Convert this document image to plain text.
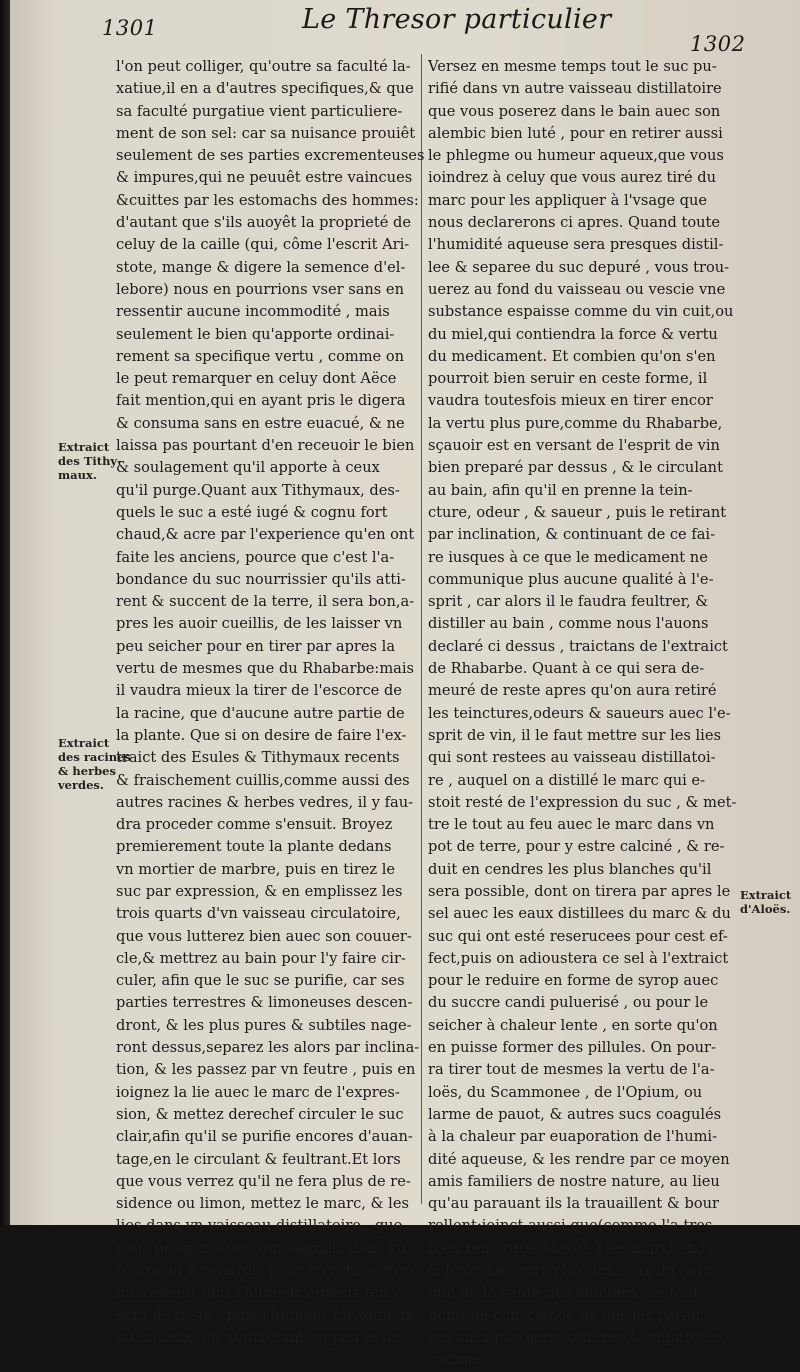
1301	Le Thresor particulier
1302
Extraict
des Tithy-
maux.
Extraict
des racines
& herbes
verdes.
Extraict
d'Aloës.
l'on peut colliger, qu'outre sa faculté la-
xatiue,il en a d'autres specifiques,& que
sa faculté purgatiue vient particuliere-
ment de son sel: car sa nuisance prouiêt
seulement de ses parties excrementeuses
& impures,qui ne peuuêt estre vaincues
&cuittes par les estomachs des hommes:
d'autant que s'ils auoyêt la proprieté de
celuy de la caille (qui, côme l'escrit Ari-
stote, mange & digere la semence d'el-
lebore) nous en pourrions vser sans en
ressentir aucune incommodité , mais
seulement le bien qu'apporte ordinai-
rement sa specifique vertu , comme on
le peut remarquer en celuy dont Aëce
fait mention,qui en ayant pris le digera
& consuma sans en estre euacué, & ne
laissa pas pourtant d'en receuoir le bien
& soulagement qu'il apporte à ceux
qu'il purge.Quant aux Tithymaux, des-
quels le suc a esté iugé & cognu fort
chaud,& acre par l'experience qu'en ont
faite les anciens, pource que c'est l'a-
bondance du suc nourrissier qu'ils atti-
rent & succent de la terre, il sera bon,a-
pres les auoir cueillis, de les laisser vn
peu seicher pour en tirer par apres la
vertu de mesmes que du Rhabarbe:mais
il vaudra mieux la tirer de l'escorce de
la racine, que d'aucune autre partie de
la plante. Que si on desire de faire l'ex-
traict des Esules & Tithymaux recents
& fraischement cuillis,comme aussi des
autres racines & herbes vedres, il y fau-
dra proceder comme s'ensuit. Broyez
premierement toute la plante dedans
vn mortier de marbre, puis en tirez le
suc par expression, & en emplissez les
trois quarts d'vn vaisseau circulatoire,
que vous lutterez bien auec son couuer-
cle,& mettrez au bain pour l'y faire cir-
culer, afin que le suc se purifie, car ses
parties terrestres & limoneuses descen-
dront, & les plus pures & subtiles nage-
ront dessus,separez les alors par inclina-
tion, & les passez par vn feutre , puis en
ioignez la lie auec le marc de l'expres-
sion, & mettez derechef circuler le suc
clair,afin qu'il se purifie encores d'auan-
tage,en le circulant & feultrant.Et lors
que vous verrez qu'il ne fera plus de re-
sidence ou limon, mettez le marc, & les
lies dans vn vaisseau distillatoire , que
vous poserez auec son alembic dans vn
fourneau à cendres, pour en retirer pre-
mierement tout l'humeur aqueux qui y
sera de reste , puis l'humeur oleagineux,
ou huileux, en augmêtant vn peu le feu.
Versez en mesme temps tout le suc pu-
rifié dans vn autre vaisseau distillatoire
que vous poserez dans le bain auec son
alembic bien luté , pour en retirer aussi
le phlegme ou humeur aqueux,que vous
ioindrez à celuy que vous aurez tiré du
marc pour les appliquer à l'vsage que
nous declarerons ci apres. Quand toute
l'humidité aqueuse sera presques distil-
lee & separee du suc depuré , vous trou-
uerez au fond du vaisseau ou vescie vne
substance espaisse comme du vin cuit,ou
du miel,qui contiendra la force & vertu
du medicament. Et combien qu'on s'en
pourroit bien seruir en ceste forme, il
vaudra toutesfois mieux en tirer encor
la vertu plus pure,comme du Rhabarbe,
sçauoir est en versant de l'esprit de vin
bien preparé par dessus , & le circulant
au bain, afin qu'il en prenne la tein-
cture, odeur , & saueur , puis le retirant
par inclination, & continuant de ce fai-
re iusques à ce que le medicament ne
communique plus aucune qualité à l'e-
sprit , car alors il le faudra feultrer, &
distiller au bain , comme nous l'auons
declaré ci dessus , traictans de l'extraict
de Rhabarbe. Quant à ce qui sera de-
meuré de reste apres qu'on aura retiré
les teinctures,odeurs & saueurs auec l'e-
sprit de vin, il le faut mettre sur les lies
qui sont restees au vaisseau distillatoi-
re , auquel on a distillé le marc qui e-
stoit resté de l'expression du suc , & met-
tre le tout au feu auec le marc dans vn
pot de terre, pour y estre calciné , & re-
duit en cendres les plus blanches qu'il
sera possible, dont on tirera par apres le
sel auec les eaux distillees du marc & du
suc qui ont esté reserucees pour cest ef-
fect,puis on adioustera ce sel à l'extraict
pour le reduire en forme de syrop auec
du succre candi puluerisé , ou pour le
seicher à chaleur lente , en sorte qu'on
en puisse former des pillules. On pour-
ra tirer tout de mesmes la vertu de l'a-
loës, du Scammonee , de l'Opium, ou
larme de pauot, & autres sucs coagulés
à la chaleur par euaporation de l'humi-
dité aqueuse, & les rendre par ce moyen
amis familiers de nostre nature, au lieu
qu'au parauant ils la trauaillent & bour
rellent:ioinct aussi,que(comme l'a tres-
bien remarqué Mesué ) les marchands
& leurs facteurs plus desireux du gain,
que de la santé des hommes, ne font
point de conscience de mesler parmi
ces sucs plusieurs ordures,& impuretés,
comme
